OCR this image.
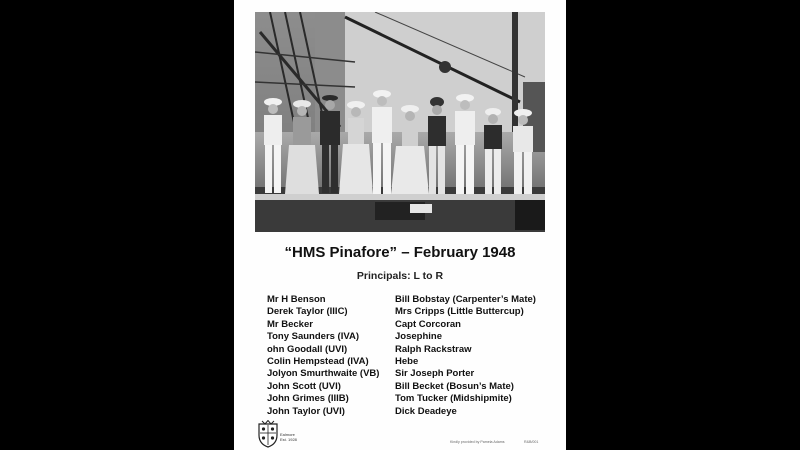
“HMS Pinafore” – February 1948
Principals: L to R
Mr H Benson	Bill Bobstay (Carpenter’s Mate)
Derek Taylor (IIIC)	Mrs Cripps (Little Buttercup)
Mr Becker	Capt Corcoran
Tony Saunders (IVA)	Josephine
ohn Goodall (UVI)	Ralph Rackstraw
Colin Hempstead (IVA)	Hebe
Jolyon Smurthwaite (VB)	Sir Joseph Porter
John Scott (UVI)	Bill Becket (Bosun’s Mate)
John Grimes (IIIB)	Tom Tucker (Midshipmite)
John Taylor (UVI)	Dick Deadeye
Ealmore
Est. 1928	Kindly provided by Pamela Adams	R&B/001
